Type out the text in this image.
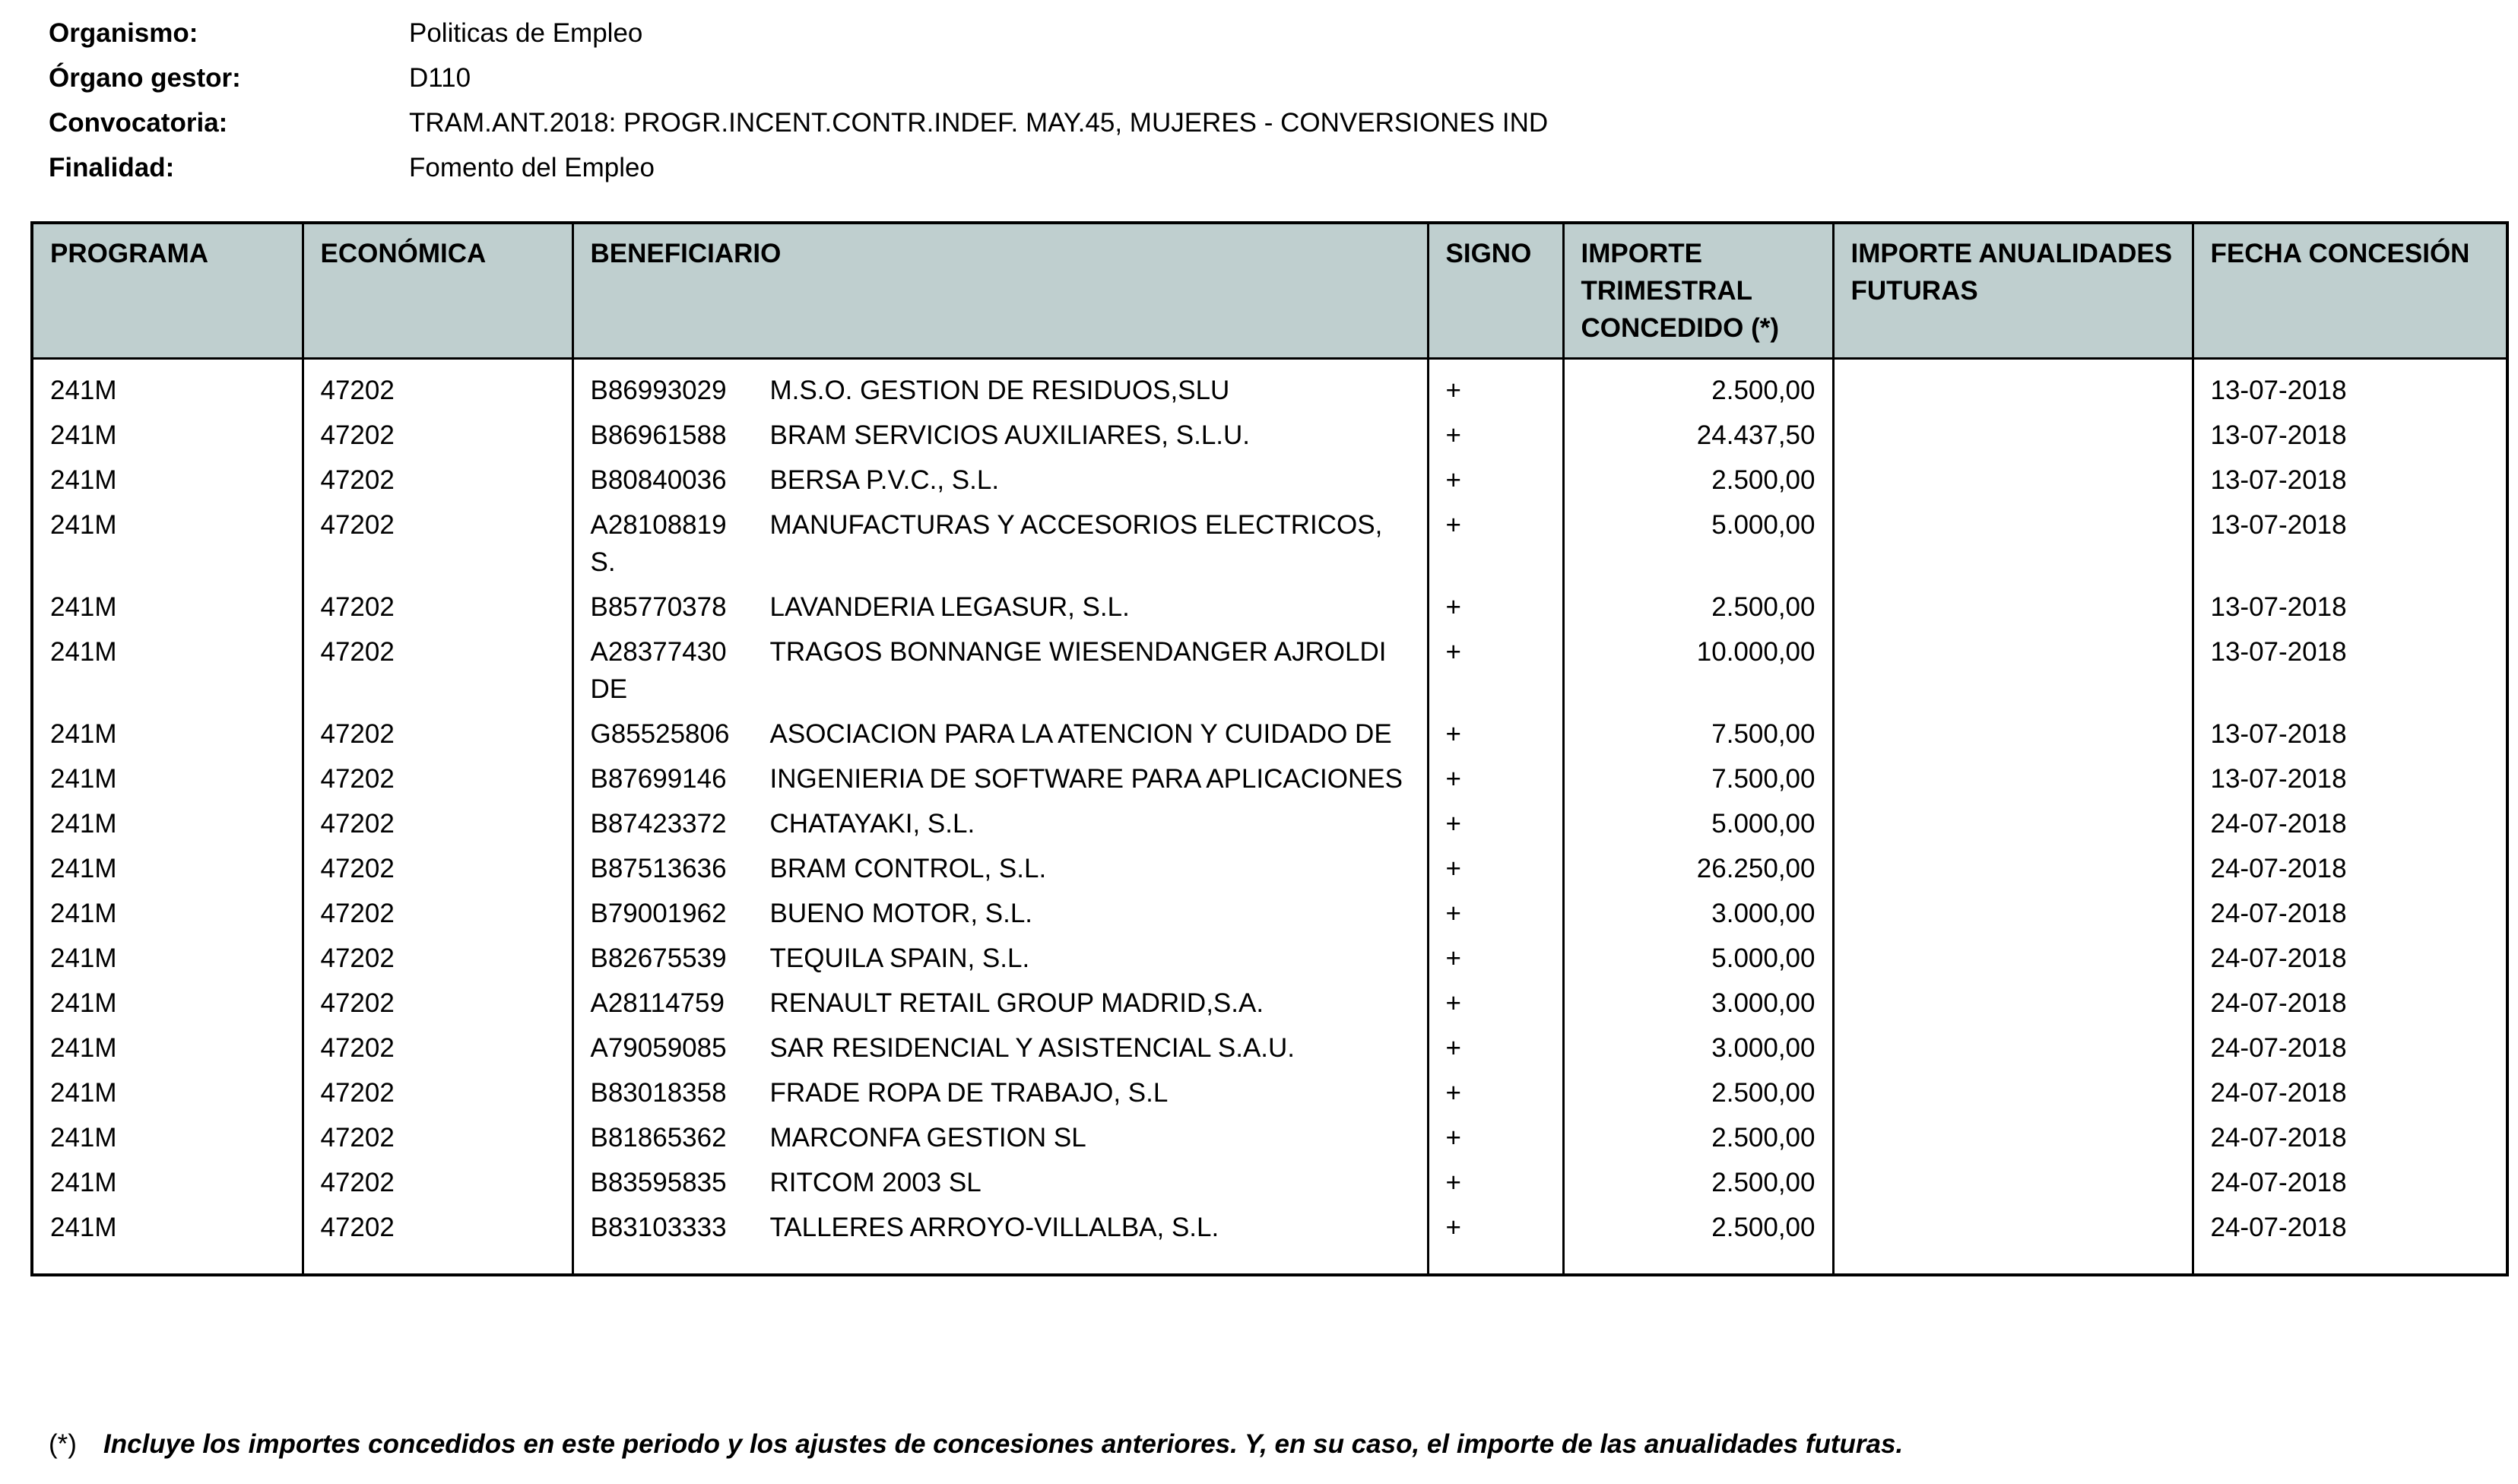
Organismo:	Politicas de Empleo
Órgano gestor:	D110
Convocatoria:	TRAM.ANT.2018: PROGR.INCENT.CONTR.INDEF. MAY.45, MUJERES - CONVERSIONES IND
Finalidad:	Fomento del Empleo
PROGRAMA	ECONÓMICA	BENEFICIARIO	SIGNO	IMPORTE TRIMESTRAL CONCEDIDO (*)	IMPORTE ANUALIDADES FUTURAS	FECHA CONCESIÓN
241M	47202	B86993029 M.S.O. GESTION DE RESIDUOS,SLU	+	2.500,00		13-07-2018
241M	47202	B86961588 BRAM SERVICIOS AUXILIARES, S.L.U.	+	24.437,50		13-07-2018
241M	47202	B80840036 BERSA P.V.C., S.L.	+	2.500,00		13-07-2018
241M	47202	A28108819 MANUFACTURAS Y ACCESORIOS ELECTRICOS, S.	+	5.000,00		13-07-2018
241M	47202	B85770378 LAVANDERIA LEGASUR, S.L.	+	2.500,00		13-07-2018
241M	47202	A28377430 TRAGOS BONNANGE WIESENDANGER AJROLDI DE	+	10.000,00		13-07-2018
241M	47202	G85525806 ASOCIACION PARA LA ATENCION Y CUIDADO DE	+	7.500,00		13-07-2018
241M	47202	B87699146 INGENIERIA DE SOFTWARE PARA APLICACIONES	+	7.500,00		13-07-2018
241M	47202	B87423372 CHATAYAKI, S.L.	+	5.000,00		24-07-2018
241M	47202	B87513636 BRAM CONTROL, S.L.	+	26.250,00		24-07-2018
241M	47202	B79001962 BUENO MOTOR, S.L.	+	3.000,00		24-07-2018
241M	47202	B82675539 TEQUILA SPAIN, S.L.	+	5.000,00		24-07-2018
241M	47202	A28114759 RENAULT RETAIL GROUP MADRID,S.A.	+	3.000,00		24-07-2018
241M	47202	A79059085 SAR RESIDENCIAL Y ASISTENCIAL S.A.U.	+	3.000,00		24-07-2018
241M	47202	B83018358 FRADE ROPA DE TRABAJO, S.L	+	2.500,00		24-07-2018
241M	47202	B81865362 MARCONFA GESTION SL	+	2.500,00		24-07-2018
241M	47202	B83595835 RITCOM 2003 SL	+	2.500,00		24-07-2018
241M	47202	B83103333 TALLERES ARROYO-VILLALBA, S.L.	+	2.500,00		24-07-2018

(*) Incluye los importes concedidos en este periodo y los ajustes de concesiones anteriores. Y, en su caso, el importe de las anualidades futuras.
